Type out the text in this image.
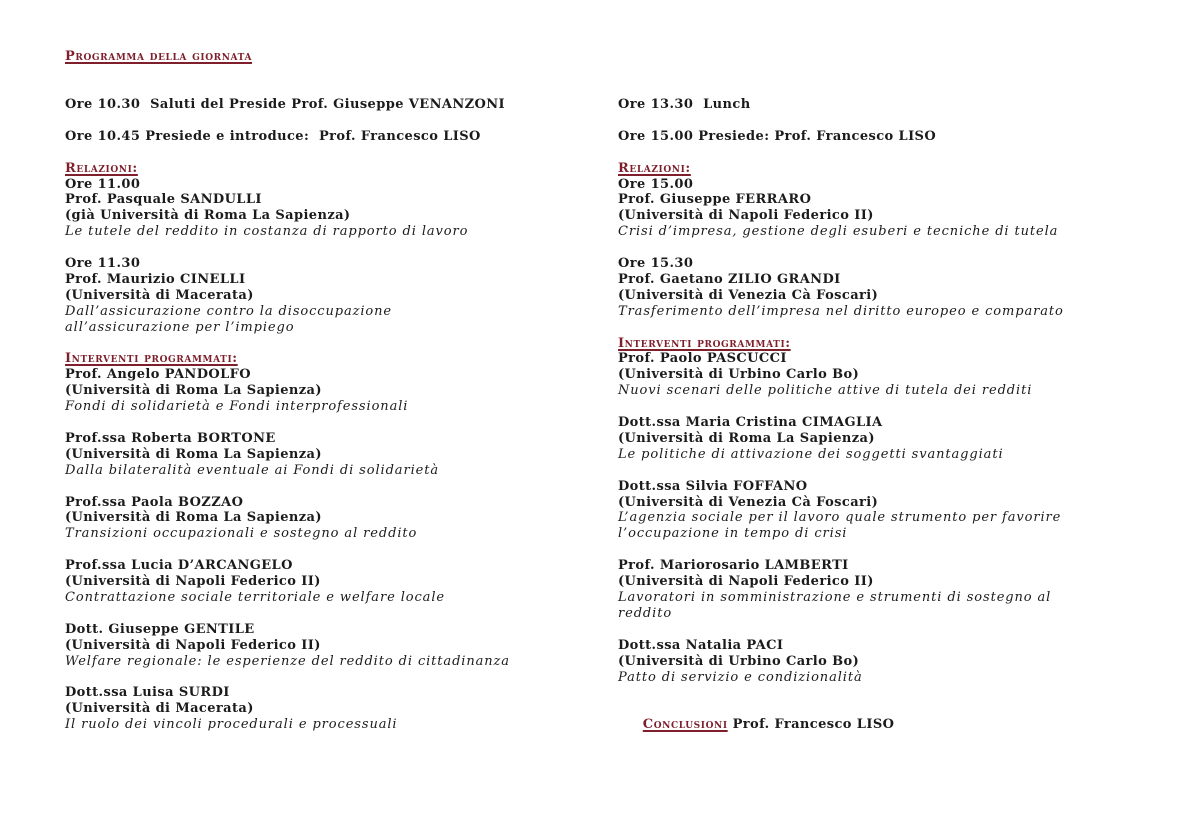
Programma della giornata
Ore 10.30  Saluti del Preside Prof. Giuseppe VENANZONI
Ore 10.45 Presiede e introduce:  Prof. Francesco LISO
Relazioni:
Ore 11.00
Prof. Pasquale SANDULLI
(già Università di Roma La Sapienza)
Le tutele del reddito in costanza di rapporto di lavoro
Ore 11.30
Prof. Maurizio CINELLI
(Università di Macerata)
Dall’assicurazione contro la disoccupazione
all’assicurazione per l’impiego
Interventi programmati:
Prof. Angelo PANDOLFO
(Università di Roma La Sapienza)
Fondi di solidarietà e Fondi interprofessionali
Prof.ssa Roberta BORTONE
(Università di Roma La Sapienza)
Dalla bilateralità eventuale ai Fondi di solidarietà
Prof.ssa Paola BOZZAO
(Università di Roma La Sapienza)
Transizioni occupazionali e sostegno al reddito
Prof.ssa Lucia D’ARCANGELO
(Università di Napoli Federico II)
Contrattazione sociale territoriale e welfare locale
Dott. Giuseppe GENTILE
(Università di Napoli Federico II)
Welfare regionale: le esperienze del reddito di cittadinanza
Dott.ssa Luisa SURDI
(Università di Macerata)
Il ruolo dei vincoli procedurali e processuali
Ore 13.30  Lunch
Ore 15.00 Presiede: Prof. Francesco LISO
Relazioni:
Ore 15.00
Prof. Giuseppe FERRARO
(Università di Napoli Federico II)
Crisi d’impresa, gestione degli esuberi e tecniche di tutela
Ore 15.30
Prof. Gaetano ZILIO GRANDI
(Università di Venezia Cà Foscari)
Trasferimento dell’impresa nel diritto europeo e comparato
Interventi programmati:
Prof. Paolo PASCUCCI
(Università di Urbino Carlo Bo)
Nuovi scenari delle politiche attive di tutela dei redditi
Dott.ssa Maria Cristina CIMAGLIA
(Università di Roma La Sapienza)
Le politiche di attivazione dei soggetti svantaggiati
Dott.ssa Silvia FOFFANO
(Università di Venezia Cà Foscari)
L’agenzia sociale per il lavoro quale strumento per favorire
l’occupazione in tempo di crisi
Prof. Mariorosario LAMBERTI
(Università di Napoli Federico II)
Lavoratori in somministrazione e strumenti di sostegno al
reddito
Dott.ssa Natalia PACI
(Università di Urbino Carlo Bo)
Patto di servizio e condizionalità

Conclusioni Prof. Francesco LISO
